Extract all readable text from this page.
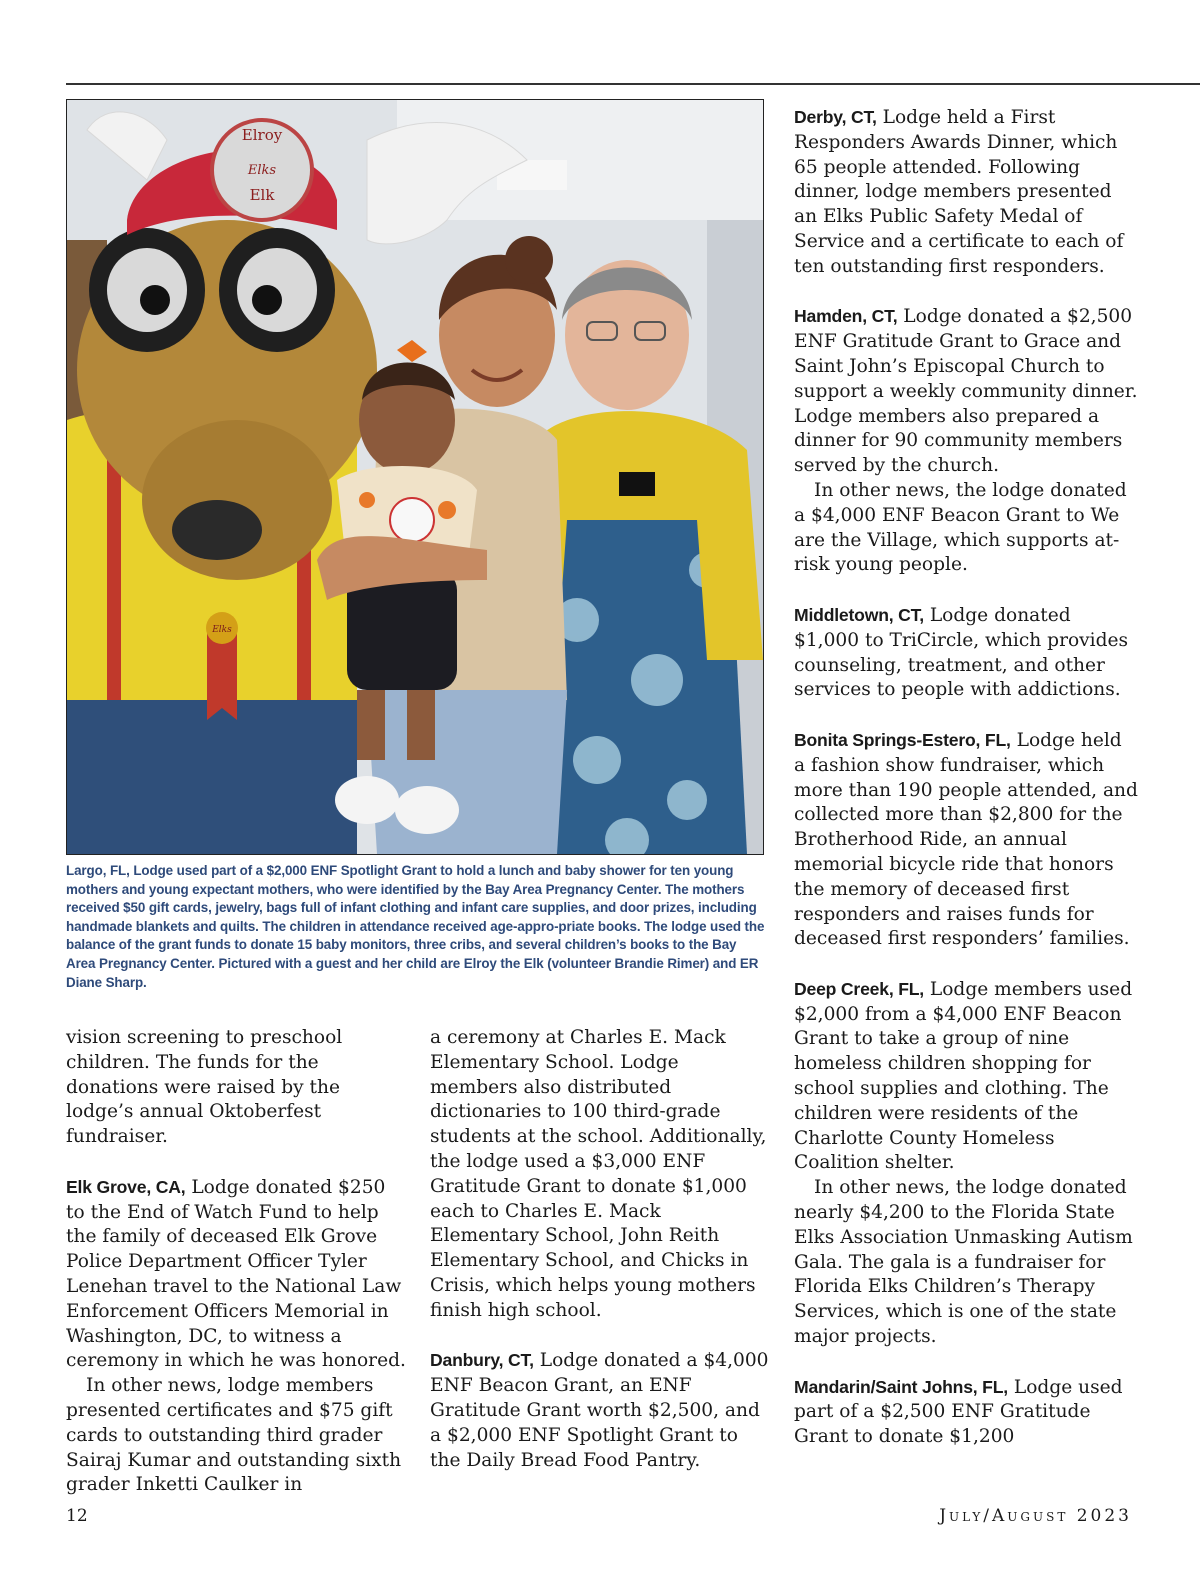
Elroy
Elks
Elk
Elks
Largo, FL, Lodge used part of a $2,000 ENF Spotlight Grant to hold a lunch and baby shower for ten young mothers and young expectant mothers, who were identified by the Bay Area Pregnancy Center. The mothers received $50 gift cards, jewelry, bags full of infant clothing and infant care supplies, and door prizes, including handmade blankets and quilts. The children in attendance received age-appro-priate books. The lodge used the balance of the grant funds to donate 15 baby monitors, three cribs, and several children’s books to the Bay Area Pregnancy Center. Pictured with a guest and her child are Elroy the Elk (volunteer Brandie Rimer) and ER Diane Sharp.

vision screening to preschool children. The funds for the donations were raised by the lodge’s annual Oktoberfest fundraiser.

Elk Grove, CA, Lodge donated $250 to the End of Watch Fund to help the family of deceased Elk Grove Police Department Officer Tyler Lenehan travel to the National Law Enforcement Officers Memorial in Washington, DC, to witness a ceremony in which he was honored.

In other news, lodge members presented certificates and $75 gift cards to outstanding third grader Sairaj Kumar and outstanding sixth grader Inketti Caulker in

a ceremony at Charles E. Mack Elementary School. Lodge members also distributed dictionaries to 100 third-grade students at the school. Additionally, the lodge used a $3,000 ENF Gratitude Grant to donate $1,000 each to Charles E. Mack Elementary School, John Reith Elementary School, and Chicks in Crisis, which helps young mothers finish high school.

Danbury, CT, Lodge donated a $4,000 ENF Beacon Grant, an ENF Gratitude Grant worth $2,500, and a $2,000 ENF Spotlight Grant to the Daily Bread Food Pantry.

Derby, CT, Lodge held a First Responders Awards Dinner, which 65 people attended. Following dinner, lodge members presented an Elks Public Safety Medal of Service and a certificate to each of ten outstanding first responders.

Hamden, CT, Lodge donated a $2,500 ENF Gratitude Grant to Grace and Saint John’s Episcopal Church to support a weekly community dinner. Lodge members also prepared a dinner for 90 community members served by the church.

In other news, the lodge donated a $4,000 ENF Beacon Grant to We are the Village, which supports at-risk young people.

Middletown, CT, Lodge donated $1,000 to TriCircle, which provides counseling, treatment, and other services to people with addictions.

Bonita Springs-Estero, FL, Lodge held a fashion show fundraiser, which more than 190 people attended, and collected more than $2,800 for the Brotherhood Ride, an annual memorial bicycle ride that honors the memory of deceased first responders and raises funds for deceased first responders’ families.

Deep Creek, FL, Lodge members used $2,000 from a $4,000 ENF Beacon Grant to take a group of nine homeless children shopping for school supplies and clothing. The children were residents of the Charlotte County Homeless Coalition shelter.

In other news, the lodge donated nearly $4,200 to the Florida State Elks Association Unmasking Autism Gala. The gala is a fundraiser for Florida Elks Children’s Therapy Services, which is one of the state major projects.

Mandarin/Saint Johns, FL, Lodge used part of a $2,500 ENF Gratitude Grant to donate $1,200

12	July/August 2023
